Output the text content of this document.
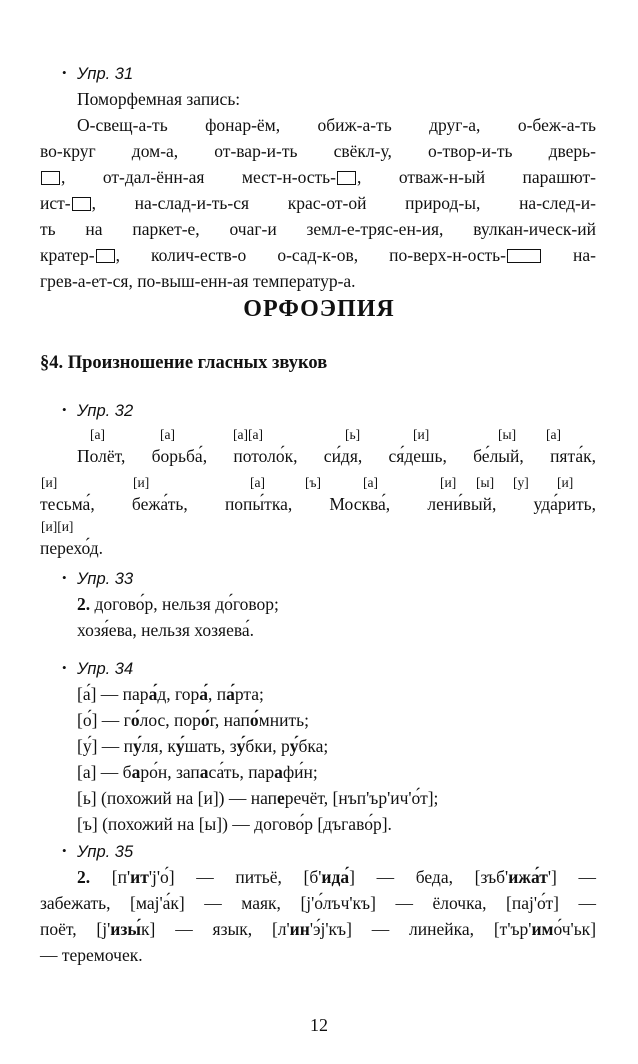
• Упр. 31
Поморфемная запись:
О-свещ-а-ть фонар-ём, обиж-а-ть друг-а, о-беж-а-ть
во-круг дом-а, от-вар-и-ть свёкл-у, о-твор-и-ть дверь-
, от-дал-ённ-ая мест-н-ость- , отваж-н-ый парашют-
ист- , на-слад-и-ть-ся крас-от-ой природ-ы, на-след-и-
ть на паркет-е, очаг-и земл-е-тряс-ен-ия, вулкан-ическ-ий
кратер- , колич-еств-о о-сад-к-ов, по-верх-н-ость- на-
грев-а-ет-ся, по-выш-енн-ая температур-а.
ОРФОЭПИЯ
§4. Произношение гласных звуков
• Упр. 32
[а]	[а]	[а][а]	[ь]	[и]	[ы] [а]
Полёт, борьба́, потоло́к, си́дя, ся́дешь, бе́лый, пята́к,
[и]	[и]	[а]	[ъ]	[а]	[и] [ы] [у] [и]
тесьма́, бежа́ть, попы́тка, Москва́, лени́вый, уда́рить,
[и][и]
перехо́д.
• Упр. 33
2. догово́р, нельзя до́говор;
хозя́ева, нельзя хозяева́.
• Упр. 34
[а́] — пара́д, гора́, па́рта;
[о́] — го́лос, поро́г, напо́мнить;
[у́] — пу́ля, ку́шать, зу́бки, ру́бка;
[а] — баро́н, запаса́ть, парафи́н;
[ь] (похожий на [и]) — наперечёт, [нъп'ър'ич'о́т];
[ъ] (похожий на [ы]) — догово́р [дъгаво́р].
• Упр. 35
2. [п'ит'j'о́] — питьё, [б'ида́] — беда, [зъб'ижа́т'] —
забежать, [маj'а́к] — маяк, [j'о́лъч'къ] — ёлочка, [паj'о́т] —
поёт, [j'изы́к] — язык, [л'ин'э́j'къ] — линейка, [т'ър'имо́ч'ьк]
— теремочек.
12
